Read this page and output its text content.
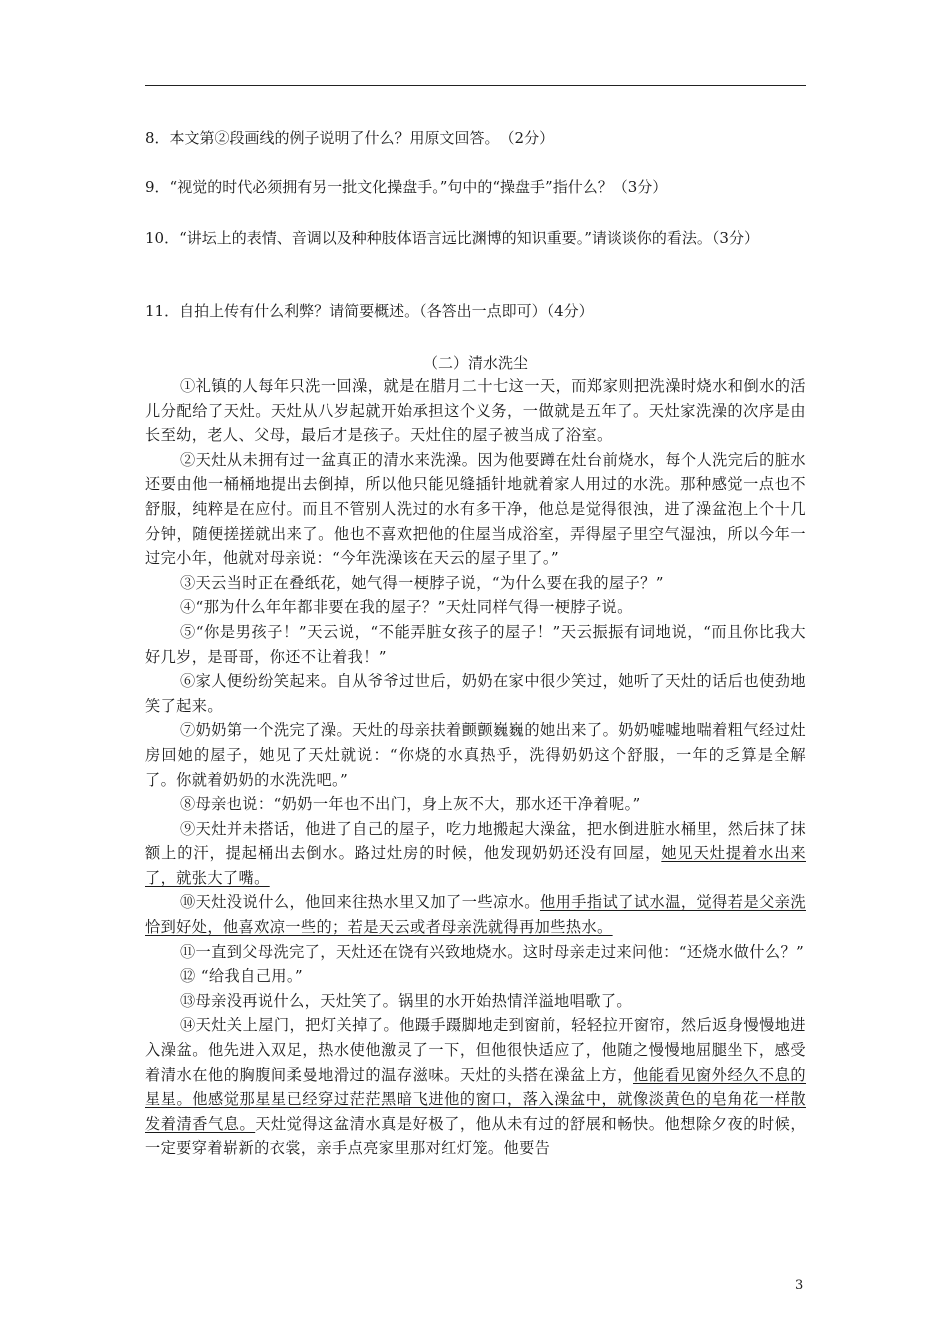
8．本文第②段画线的例子说明了什么？用原文回答。　（2分）
9．“视觉的时代必须拥有另一批文化操盘手。”句中的“操盘手”指什么？（3分）
10．“讲坛上的表情、音调以及种种肢体语言远比渊博的知识重要。”请谈谈你的看法。（3分）
11．自拍上传有什么利弊？请简要概述。（各答出一点即可）（4分）
（二）清水洗尘

①礼镇的人每年只洗一回澡，就是在腊月二十七这一天，而郑家则把洗澡时烧水和倒水的活儿分配给了天灶。天灶从八岁起就开始承担这个义务，一做就是五年了。天灶家洗澡的次序是由长至幼，老人、父母，最后才是孩子。天灶住的屋子被当成了浴室。

②天灶从未拥有过一盆真正的清水来洗澡。因为他要蹲在灶台前烧水，每个人洗完后的脏水还要由他一桶桶地提出去倒掉，所以他只能见缝插针地就着家人用过的水洗。那种感觉一点也不舒服，纯粹是在应付。而且不管别人洗过的水有多干净，他总是觉得很浊，进了澡盆泡上个十几分钟，随便搓搓就出来了。他也不喜欢把他的住屋当成浴室，弄得屋子里空气湿浊，所以今年一过完小年，他就对母亲说：“今年洗澡该在天云的屋子里了。”

③天云当时正在叠纸花，她气得一梗脖子说，“为什么要在我的屋子？”

④“那为什么年年都非要在我的屋子？”天灶同样气得一梗脖子说。

⑤“你是男孩子！”天云说，“不能弄脏女孩子的屋子！”天云振振有词地说，“而且你比我大好几岁，是哥哥，你还不让着我！”

⑥家人便纷纷笑起来。自从爷爷过世后，奶奶在家中很少笑过，她听了天灶的话后也使劲地笑了起来。

⑦奶奶第一个洗完了澡。天灶的母亲扶着颤颤巍巍的她出来了。奶奶嘘嘘地喘着粗气经过灶房回她的屋子，她见了天灶就说：“你烧的水真热乎，洗得奶奶这个舒服，一年的乏算是全解了。你就着奶奶的水洗洗吧。”

⑧母亲也说：“奶奶一年也不出门，身上灰不大，那水还干净着呢。”

⑨天灶并未搭话，他进了自己的屋子，吃力地搬起大澡盆，把水倒进脏水桶里，然后抹了抹额上的汗，提起桶出去倒水。路过灶房的时候，他发现奶奶还没有回屋，她见天灶提着水出来了，就张大了嘴。

⑩天灶没说什么，他回来往热水里又加了一些凉水。他用手指试了试水温，觉得若是父亲洗恰到好处，他喜欢凉一些的；若是天云或者母亲洗就得再加些热水。

⑪一直到父母洗完了，天灶还在饶有兴致地烧水。这时母亲走过来问他：“还烧水做什么？”

⑫ “给我自己用。”

⑬母亲没再说什么，天灶笑了。锅里的水开始热情洋溢地唱歌了。

⑭天灶关上屋门，把灯关掉了。他蹑手蹑脚地走到窗前，轻轻拉开窗帘，然后返身慢慢地进入澡盆。他先进入双足，热水使他激灵了一下，但他很快适应了，他随之慢慢地屈腿坐下，感受着清水在他的胸腹间柔曼地滑过的温存滋味。天灶的头搭在澡盆上方，他能看见窗外经久不息的星星。他感觉那星星已经穿过茫茫黑暗飞进他的窗口，落入澡盆中，就像淡黄色的皂角花一样散发着清香气息。天灶觉得这盆清水真是好极了，他从未有过的舒展和畅快。他想除夕夜的时候，一定要穿着崭新的衣裳，亲手点亮家里那对红灯笼。他要告

3
